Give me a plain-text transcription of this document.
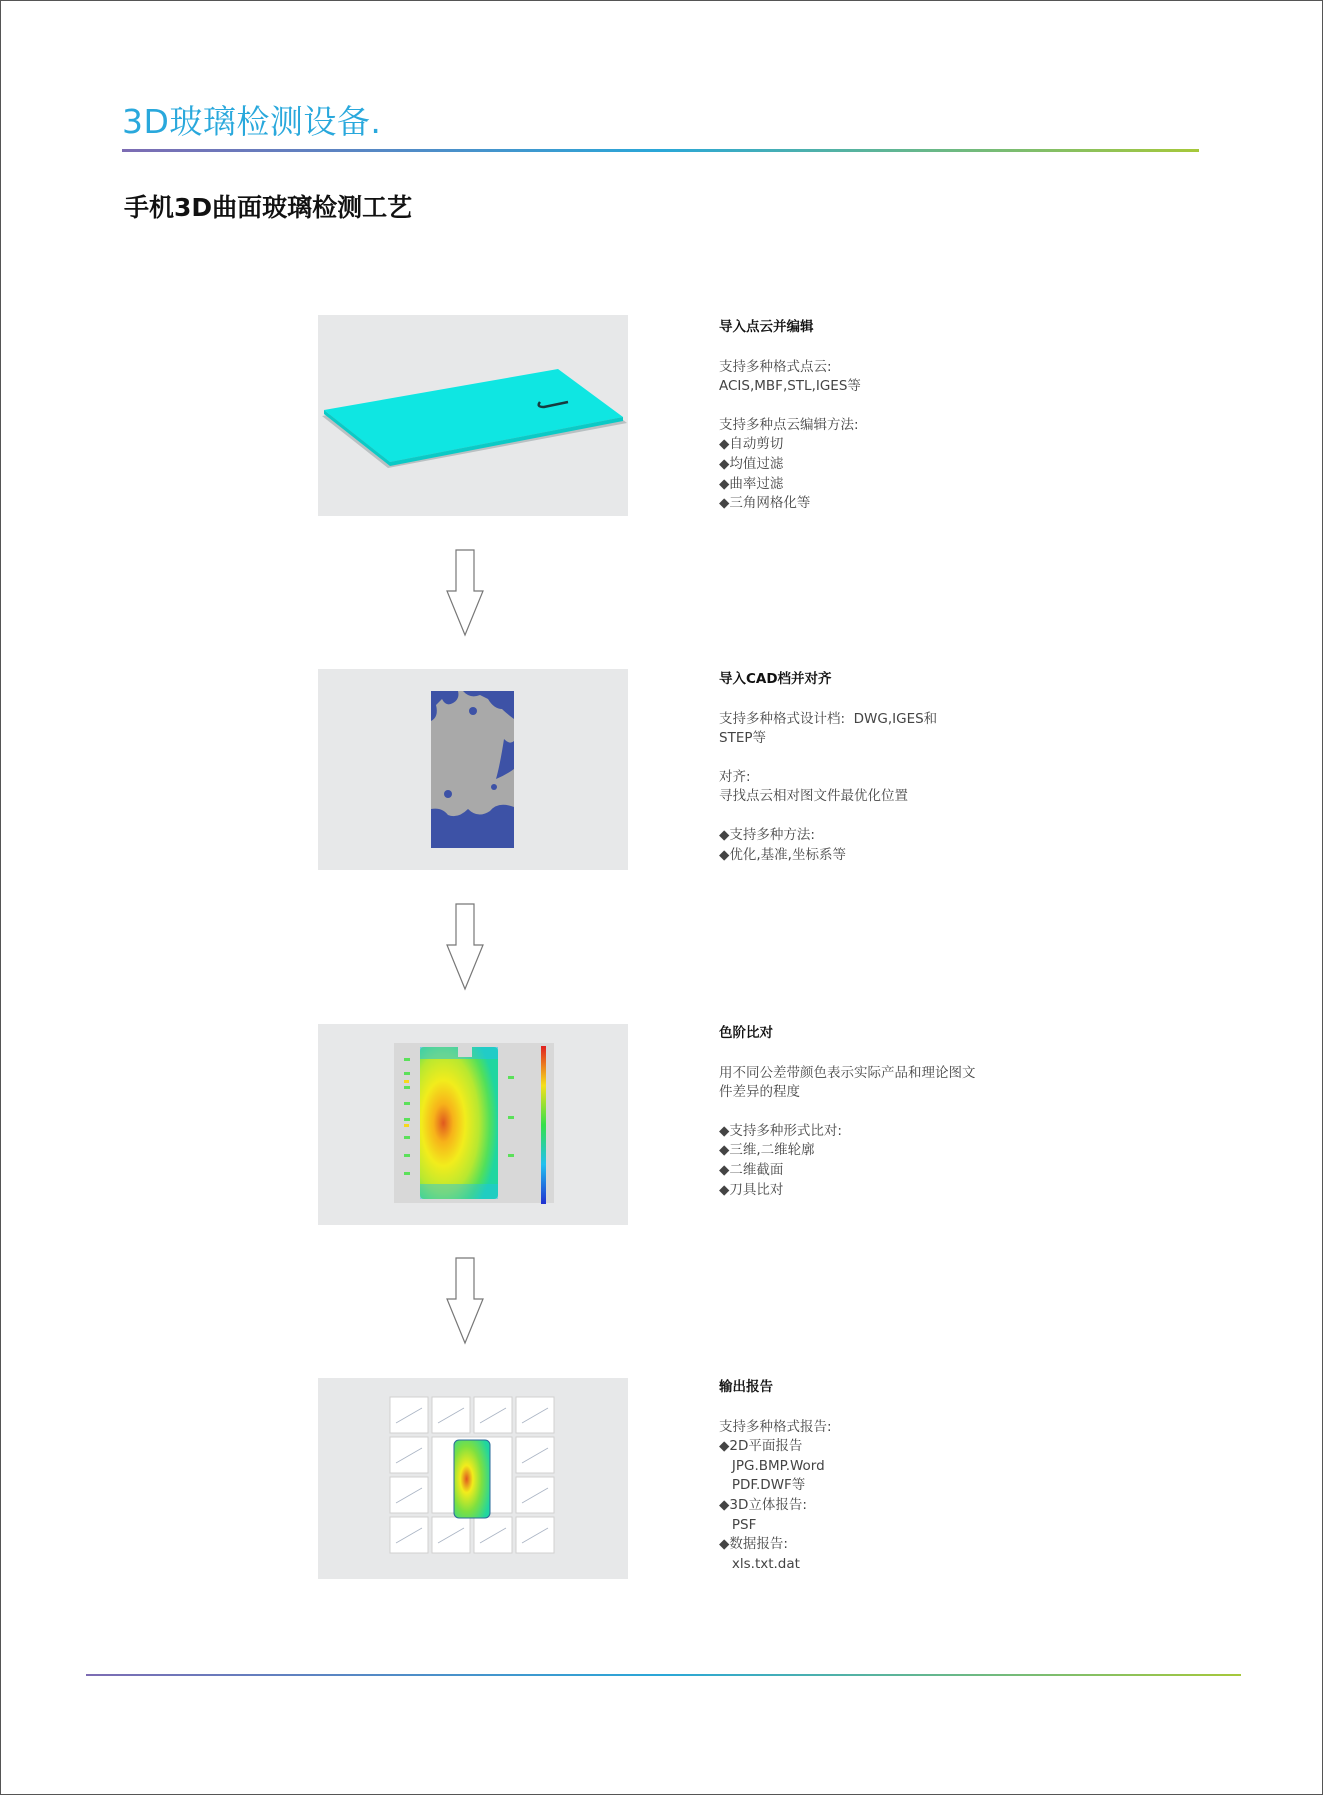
3D玻璃检测设备.
手机3D曲面玻璃检测工艺
导入点云并编辑
支持多种格式点云:
ACIS,MBF,STL,IGES等
支持多种点云编辑方法:
◆自动剪切
◆均值过滤
◆曲率过滤
◆三角网格化等
导入CAD档并对齐
支持多种格式设计档:  DWG,IGES和
STEP等
对齐:
寻找点云相对图文件最优化位置
◆支持多种方法:
◆优化,基准,坐标系等
色阶比对
用不同公差带颜色表示实际产品和理论图文
件差异的程度
◆支持多种形式比对:
◆三维,二维轮廓
◆二维截面
◆刀具比对
输出报告
支持多种格式报告:
◆2D平面报告
JPG.BMP.Word
PDF.DWF等
◆3D立体报告:
PSF
◆数据报告:
xls.txt.dat
